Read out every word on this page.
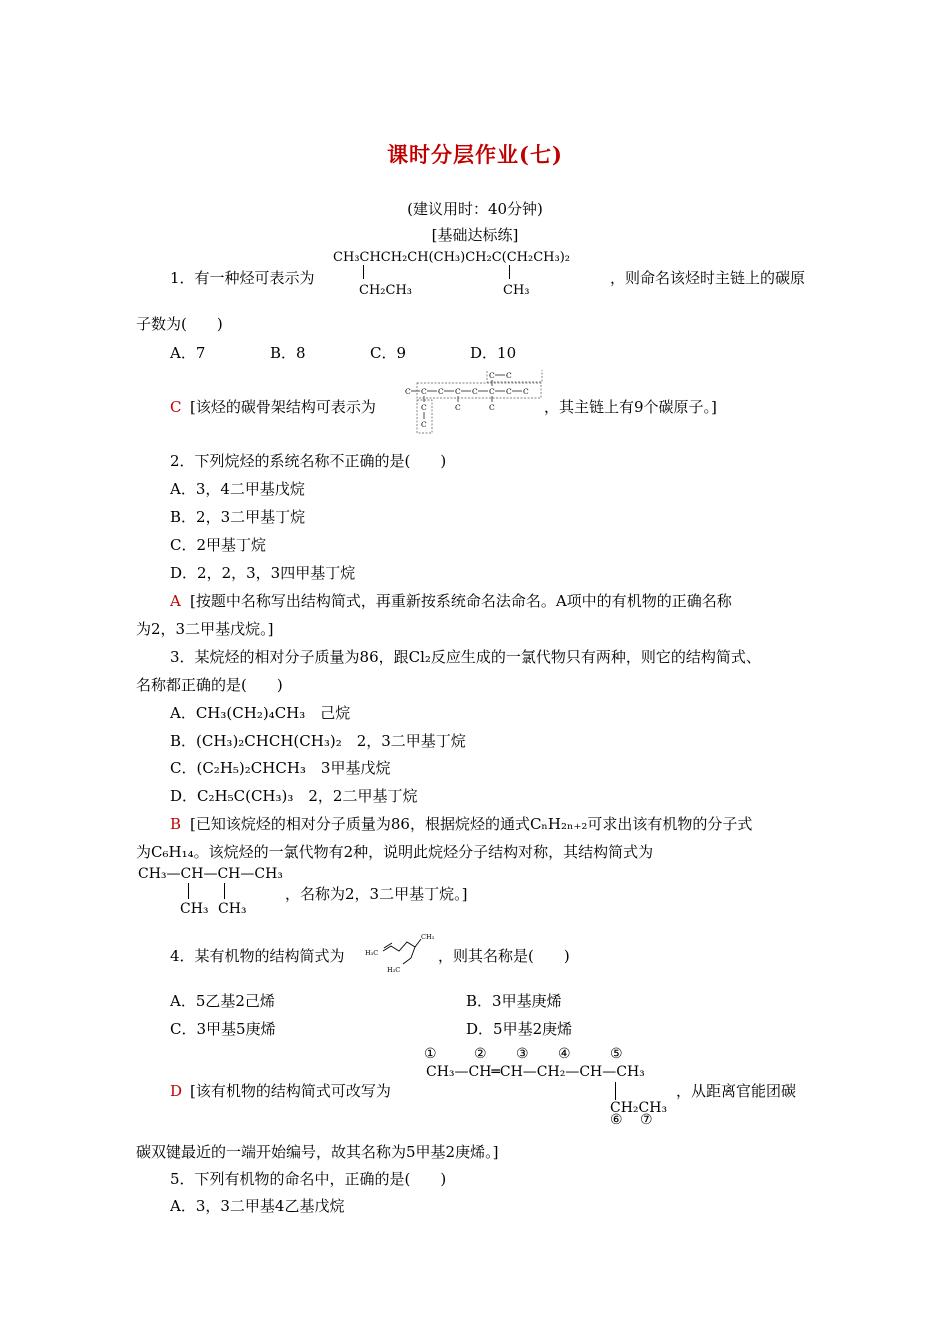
课时分层作业(七)
(建议用时：40分钟)
[基础达标练]
1．有一种烃可表示为
CH₃CHCH₂CH(CH₃)CH₂C(CH₂CH₃)₂
CH₂CH₃	CH₃
，则命名该烃时主链上的碳原
子数为(　　)
A．7	B．8	C．9	D．10
C [该烃的碳骨架结构可表示为
C C C C C C C C
C C
C
C
C	C	，其主链上有9个碳原子。]
2．下列烷烃的系统名称不正确的是(　　)
A．3，4二甲基戊烷
B．2，3二甲基丁烷
C．2甲基丁烷
D．2，2，3，3四甲基丁烷
A [按题中名称写出结构简式，再重新按系统命名法命名。A项中的有机物的正确名称
为2，3二甲基戊烷。]
3．某烷烃的相对分子质量为86，跟Cl₂反应生成的一氯代物只有两种，则它的结构简式、
名称都正确的是(　　)
A．CH₃(CH₂)₄CH₃　己烷
B．(CH₃)₂CHCH(CH₃)₂　2，3二甲基丁烷
C．(C₂H₅)₂CHCH₃　3甲基戊烷
D．C₂H₅C(CH₃)₃　2，2二甲基丁烷
B [已知该烷烃的相对分子质量为86，根据烷烃的通式CₙH₂ₙ₊₂可求出该有机物的分子式
为C₆H₁₄。该烷烃的一氯代物有2种，说明此烷烃分子结构对称，其结构简式为
CH₃—CH—CH—CH₃
CH₃ CH₃
，名称为2，3二甲基丁烷。]
4．某有机物的结构简式为
CH₃
H₃C
H₃C
，则其名称是(　　)
A．5乙基2己烯	B．3甲基庚烯
C．3甲基5庚烯	D．5甲基2庚烯
D [该有机物的结构简式可改写为
①	② ③ ④	⑤
CH₃—CH═CH—CH₂—CH—CH₃
CH₂CH₃
⑥ ⑦
，从距离官能团碳
碳双键最近的一端开始编号，故其名称为5甲基2庚烯。]
5．下列有机物的命名中，正确的是(　　)
A．3，3二甲基4乙基戊烷
